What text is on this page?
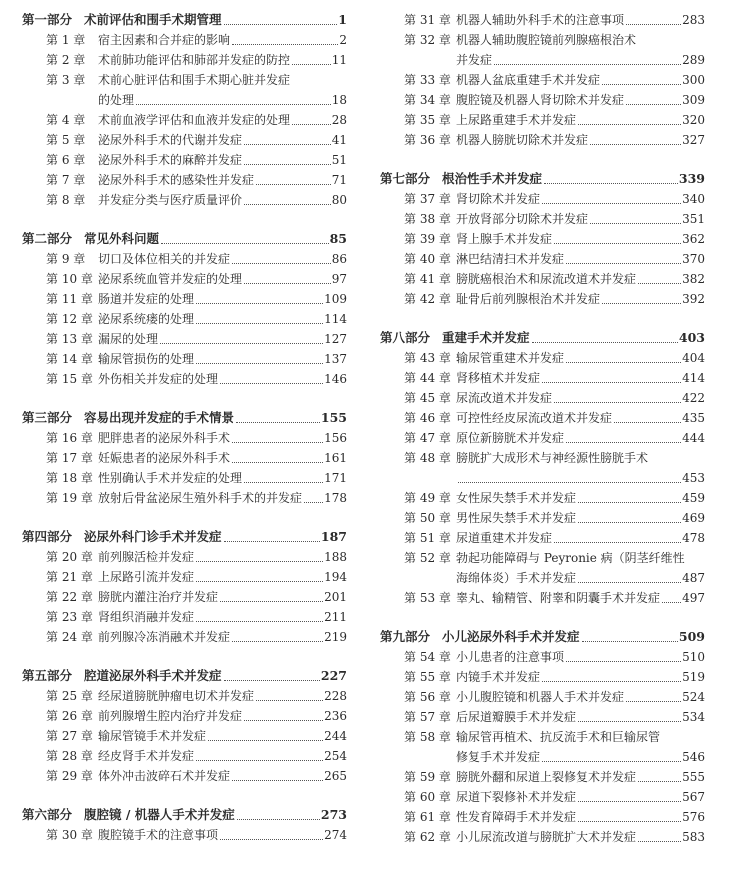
第一部分 术前评估和围手术期管理	1
第 1 章	宿主因素和合并症的影响	2
第 2 章	术前肺功能评估和肺部并发症的防控	11
第 3 章	术前心脏评估和围手术期心脏并发症
的处理	18
第 4 章	术前血液学评估和血液并发症的处理	28
第 5 章	泌尿外科手术的代谢并发症	41
第 6 章	泌尿外科手术的麻醉并发症	51
第 7 章	泌尿外科手术的感染性并发症	71
第 8 章	并发症分类与医疗质量评价	80
第二部分 常见外科问题	85
第 9 章	切口及体位相关的并发症	86
第 10 章 泌尿系统血管并发症的处理	97
第 11 章 肠道并发症的处理	109
第 12 章 泌尿系统瘘的处理	114
第 13 章 漏尿的处理	127
第 14 章 输尿管损伤的处理	137
第 15 章 外伤相关并发症的处理	146
第三部分 容易出现并发症的手术情景	155
第 16 章 肥胖患者的泌尿外科手术	156
第 17 章 妊娠患者的泌尿外科手术	161
第 18 章 性别确认手术并发症的处理	171
第 19 章 放射后骨盆泌尿生殖外科手术的并发症 178
第四部分 泌尿外科门诊手术并发症	187
第 20 章 前列腺活检并发症	188
第 21 章 上尿路引流并发症	194
第 22 章 膀胱内灌注治疗并发症	201
第 23 章 肾组织消融并发症	211
第 24 章 前列腺冷冻消融术并发症	219
第五部分 腔道泌尿外科手术并发症	227
第 25 章 经尿道膀胱肿瘤电切术并发症	228
第 26 章 前列腺增生腔内治疗并发症	236
第 27 章 输尿管镜手术并发症	244
第 28 章 经皮肾手术并发症	254
第 29 章 体外冲击波碎石术并发症	265
第六部分 腹腔镜 / 机器人手术并发症	273
第 30 章 腹腔镜手术的注意事项	274
第 31 章 机器人辅助外科手术的注意事项	283
第 32 章 机器人辅助腹腔镜前列腺癌根治术
并发症	289
第 33 章 机器人盆底重建手术并发症	300
第 34 章 腹腔镜及机器人肾切除术并发症	309
第 35 章 上尿路重建手术并发症	320
第 36 章 机器人膀胱切除术并发症	327
第七部分 根治性手术并发症	339
第 37 章 肾切除术并发症	340
第 38 章 开放肾部分切除术并发症	351
第 39 章 肾上腺手术并发症	362
第 40 章 淋巴结清扫术并发症	370
第 41 章 膀胱癌根治术和尿流改道术并发症	382
第 42 章 耻骨后前列腺根治术并发症	392
第八部分 重建手术并发症	403
第 43 章 输尿管重建术并发症	404
第 44 章 肾移植术并发症	414
第 45 章 尿流改道术并发症	422
第 46 章 可控性经皮尿流改道术并发症	435
第 47 章 原位新膀胱术并发症	444
第 48 章 膀胱扩大成形术与神经源性膀胱手术
453
第 49 章 女性尿失禁手术并发症	459
第 50 章 男性尿失禁手术并发症	469
第 51 章 尿道重建术并发症	478
第 52 章 勃起功能障碍与 Peyronie 病（阴茎纤维性
海绵体炎）手术并发症	487
第 53 章 睾丸、输精管、附睾和阴囊手术并发症 497
第九部分 小儿泌尿外科手术并发症	509
第 54 章 小儿患者的注意事项	510
第 55 章 内镜手术并发症	519
第 56 章 小儿腹腔镜和机器人手术并发症	524
第 57 章 后尿道瓣膜手术并发症	534
第 58 章 输尿管再植术、抗反流手术和巨输尿管
修复手术并发症	546
第 59 章 膀胱外翻和尿道上裂修复术并发症	555
第 60 章 尿道下裂修补术并发症	567
第 61 章 性发育障碍手术并发症	576
第 62 章 小儿尿流改道与膀胱扩大术并发症	583
